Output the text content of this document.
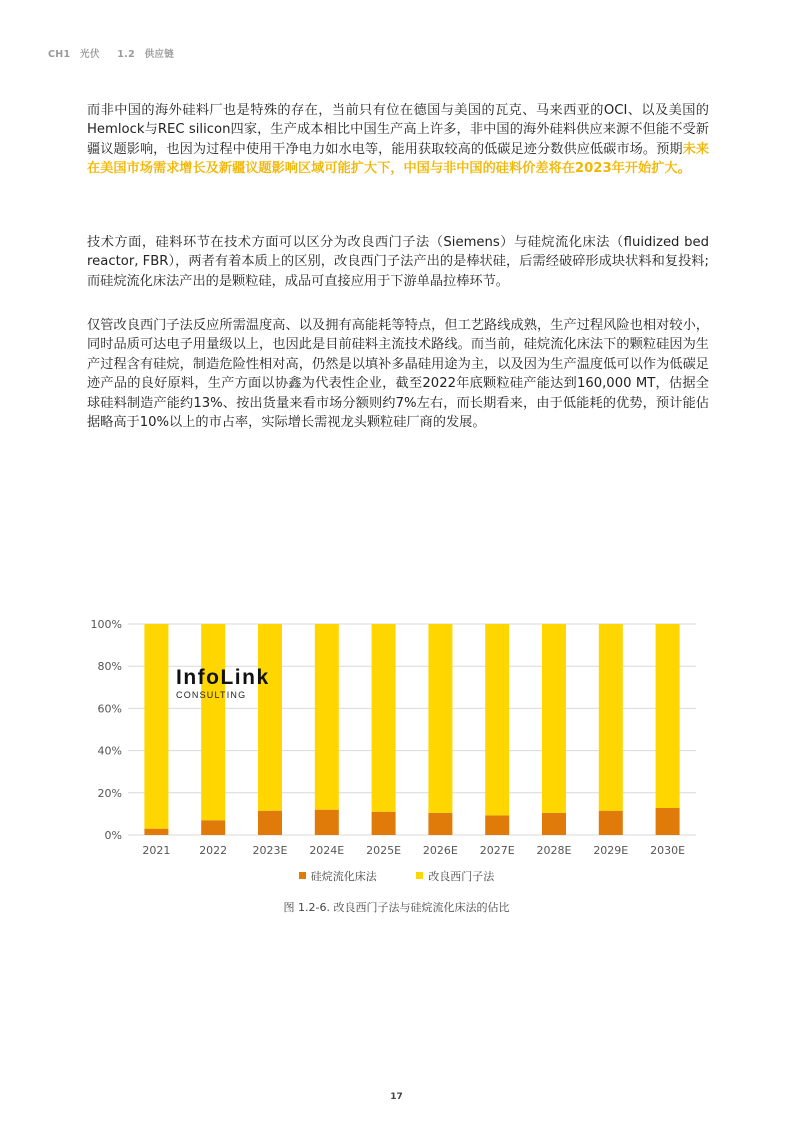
CH1 光伏 1.2 供应链

而非中国的海外硅料厂也是特殊的存在，当前只有位在德国与美国的瓦克、马来西亚的OCI、以及美国的Hemlock与REC silicon四家，生产成本相比中国生产高上许多，非中国的海外硅料供应来源不但能不受新疆议题影响，也因为过程中使用干净电力如水电等，能用获取较高的低碳足迹分数供应低碳市场。预期未来在美国市场需求增长及新疆议题影响区域可能扩大下，中国与非中国的硅料价差将在2023年开始扩大。

技术方面，硅料环节在技术方面可以区分为改良西门子法（Siemens）与硅烷流化床法（fluidized bed reactor, FBR），两者有着本质上的区别，改良西门子法产出的是棒状硅，后需经破碎形成块状料和复投料; 而硅烷流化床法产出的是颗粒硅，成品可直接应用于下游单晶拉棒环节。

仅管改良西门子法反应所需温度高、以及拥有高能耗等特点，但工艺路线成熟，生产过程风险也相对较小，同时品质可达电子用量级以上，也因此是目前硅料主流技术路线。而当前，硅烷流化床法下的颗粒硅因为生产过程含有硅烷，制造危险性相对高，仍然是以填补多晶硅用途为主，以及因为生产温度低可以作为低碳足迹产品的良好原料，生产方面以协鑫为代表性企业，截至2022年底颗粒硅产能达到160,000 MT，估据全球硅料制造产能约13%、按出货量来看市场分额则约7%左右，而长期看来，由于低能耗的优势，预计能佔据略高于10%以上的市占率，实际增长需视龙头颗粒硅厂商的发展。

0%
20%
40%
60%
80%
100%
2021	2022 2023E 2024E 2025E 2026E 2027E 2028E 2029E 2030E
InfoLink
CONSULTING
硅烷流化床法	改良西门子法
图 1.2-6. 改良西门子法与硅烷流化床法的佔比
17
